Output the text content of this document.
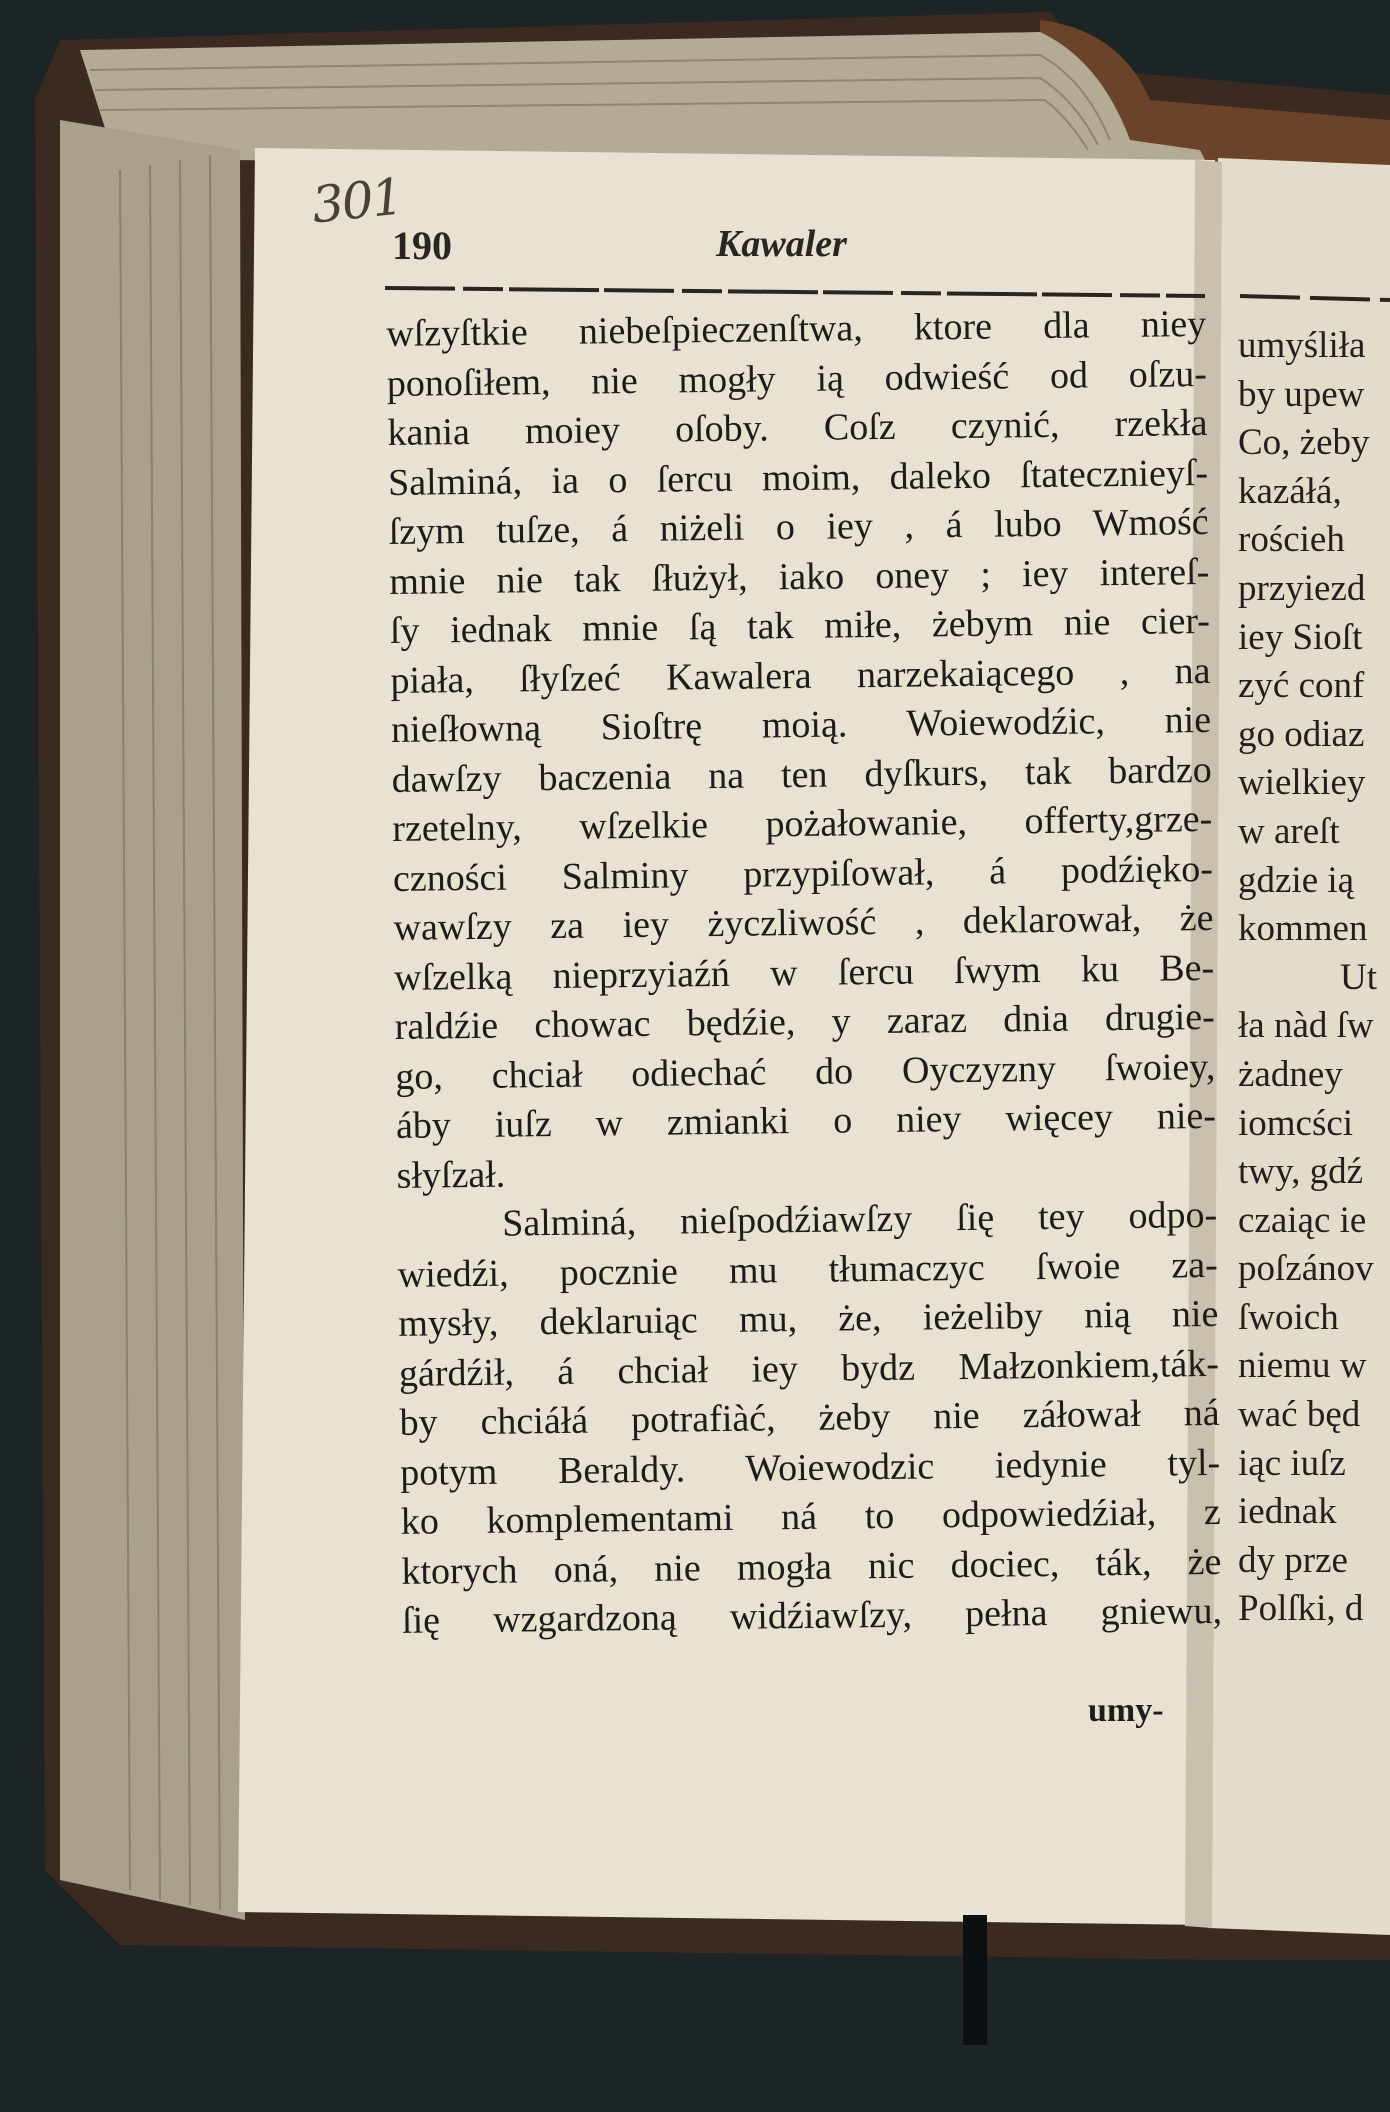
301
190	Kawaler
wſzyſtkie niebeſpieczenſtwa, ktore dla niey
ponoſiłem, nie mogły ią odwieść od oſzu-
kania moiey oſoby. Coſz czynić, rzekła
Salminá, ia o ſercu moim, daleko ſtatecznieyſ-
ſzym tuſze, á niżeli o iey , á lubo Wmość
mnie nie tak ſłużył, iako oney ; iey intereſ-
ſy iednak mnie ſą tak miłe, żebym nie cier-
piała, ſłyſzeć Kawalera narzekaiącego , na
nieſłowną Sioſtrę moią. Woiewodźic, nie
dawſzy baczenia na ten dyſkurs, tak bardzo
rzetelny, wſzelkie pożałowanie, offerty,grze-
czności Salminy przypiſował, á podźięko-
wawſzy za iey życzliwość , deklarował, że
wſzelką nieprzyiaźń w ſercu ſwym ku Be-
raldźie chowac będźie, y zaraz dnia drugie-
go, chciał odiechać do Oyczyzny ſwoiey,
áby iuſz w zmianki o niey więcey nie-
słyſzał.
Salminá, nieſpodźiawſzy ſię tey odpo-
wiedźi, pocznie mu tłumaczyc ſwoie za-
mysły, deklaruiąc mu, że, ieżeliby nią nie
gárdźił, á chciał iey bydz Małzonkiem,ták-
by chciáłá potrafiàć, żeby nie záłował ná
potym Beraldy. Woiewodzic iedynie tyl-
ko komplementami ná to odpowiedźiał, z
ktorych oná, nie mogła nic dociec, ták, że
ſię wzgardzoną widźiawſzy, pełna gniewu,
umy-
umyśliła
by upew
Co, żeby
kazáłá,
rościeh
przyiezd
iey Sioſt
zyć conf
go odiaz
wielkiey
w areſt
gdzie ią
kommen
Ut
ła nàd ſw
żadney
iomcści
twy, gdź
czaiąc ie
poſzánov
ſwoich
niemu w
wać będ
iąc iuſz
iednak
dy prze
Polſki, d
